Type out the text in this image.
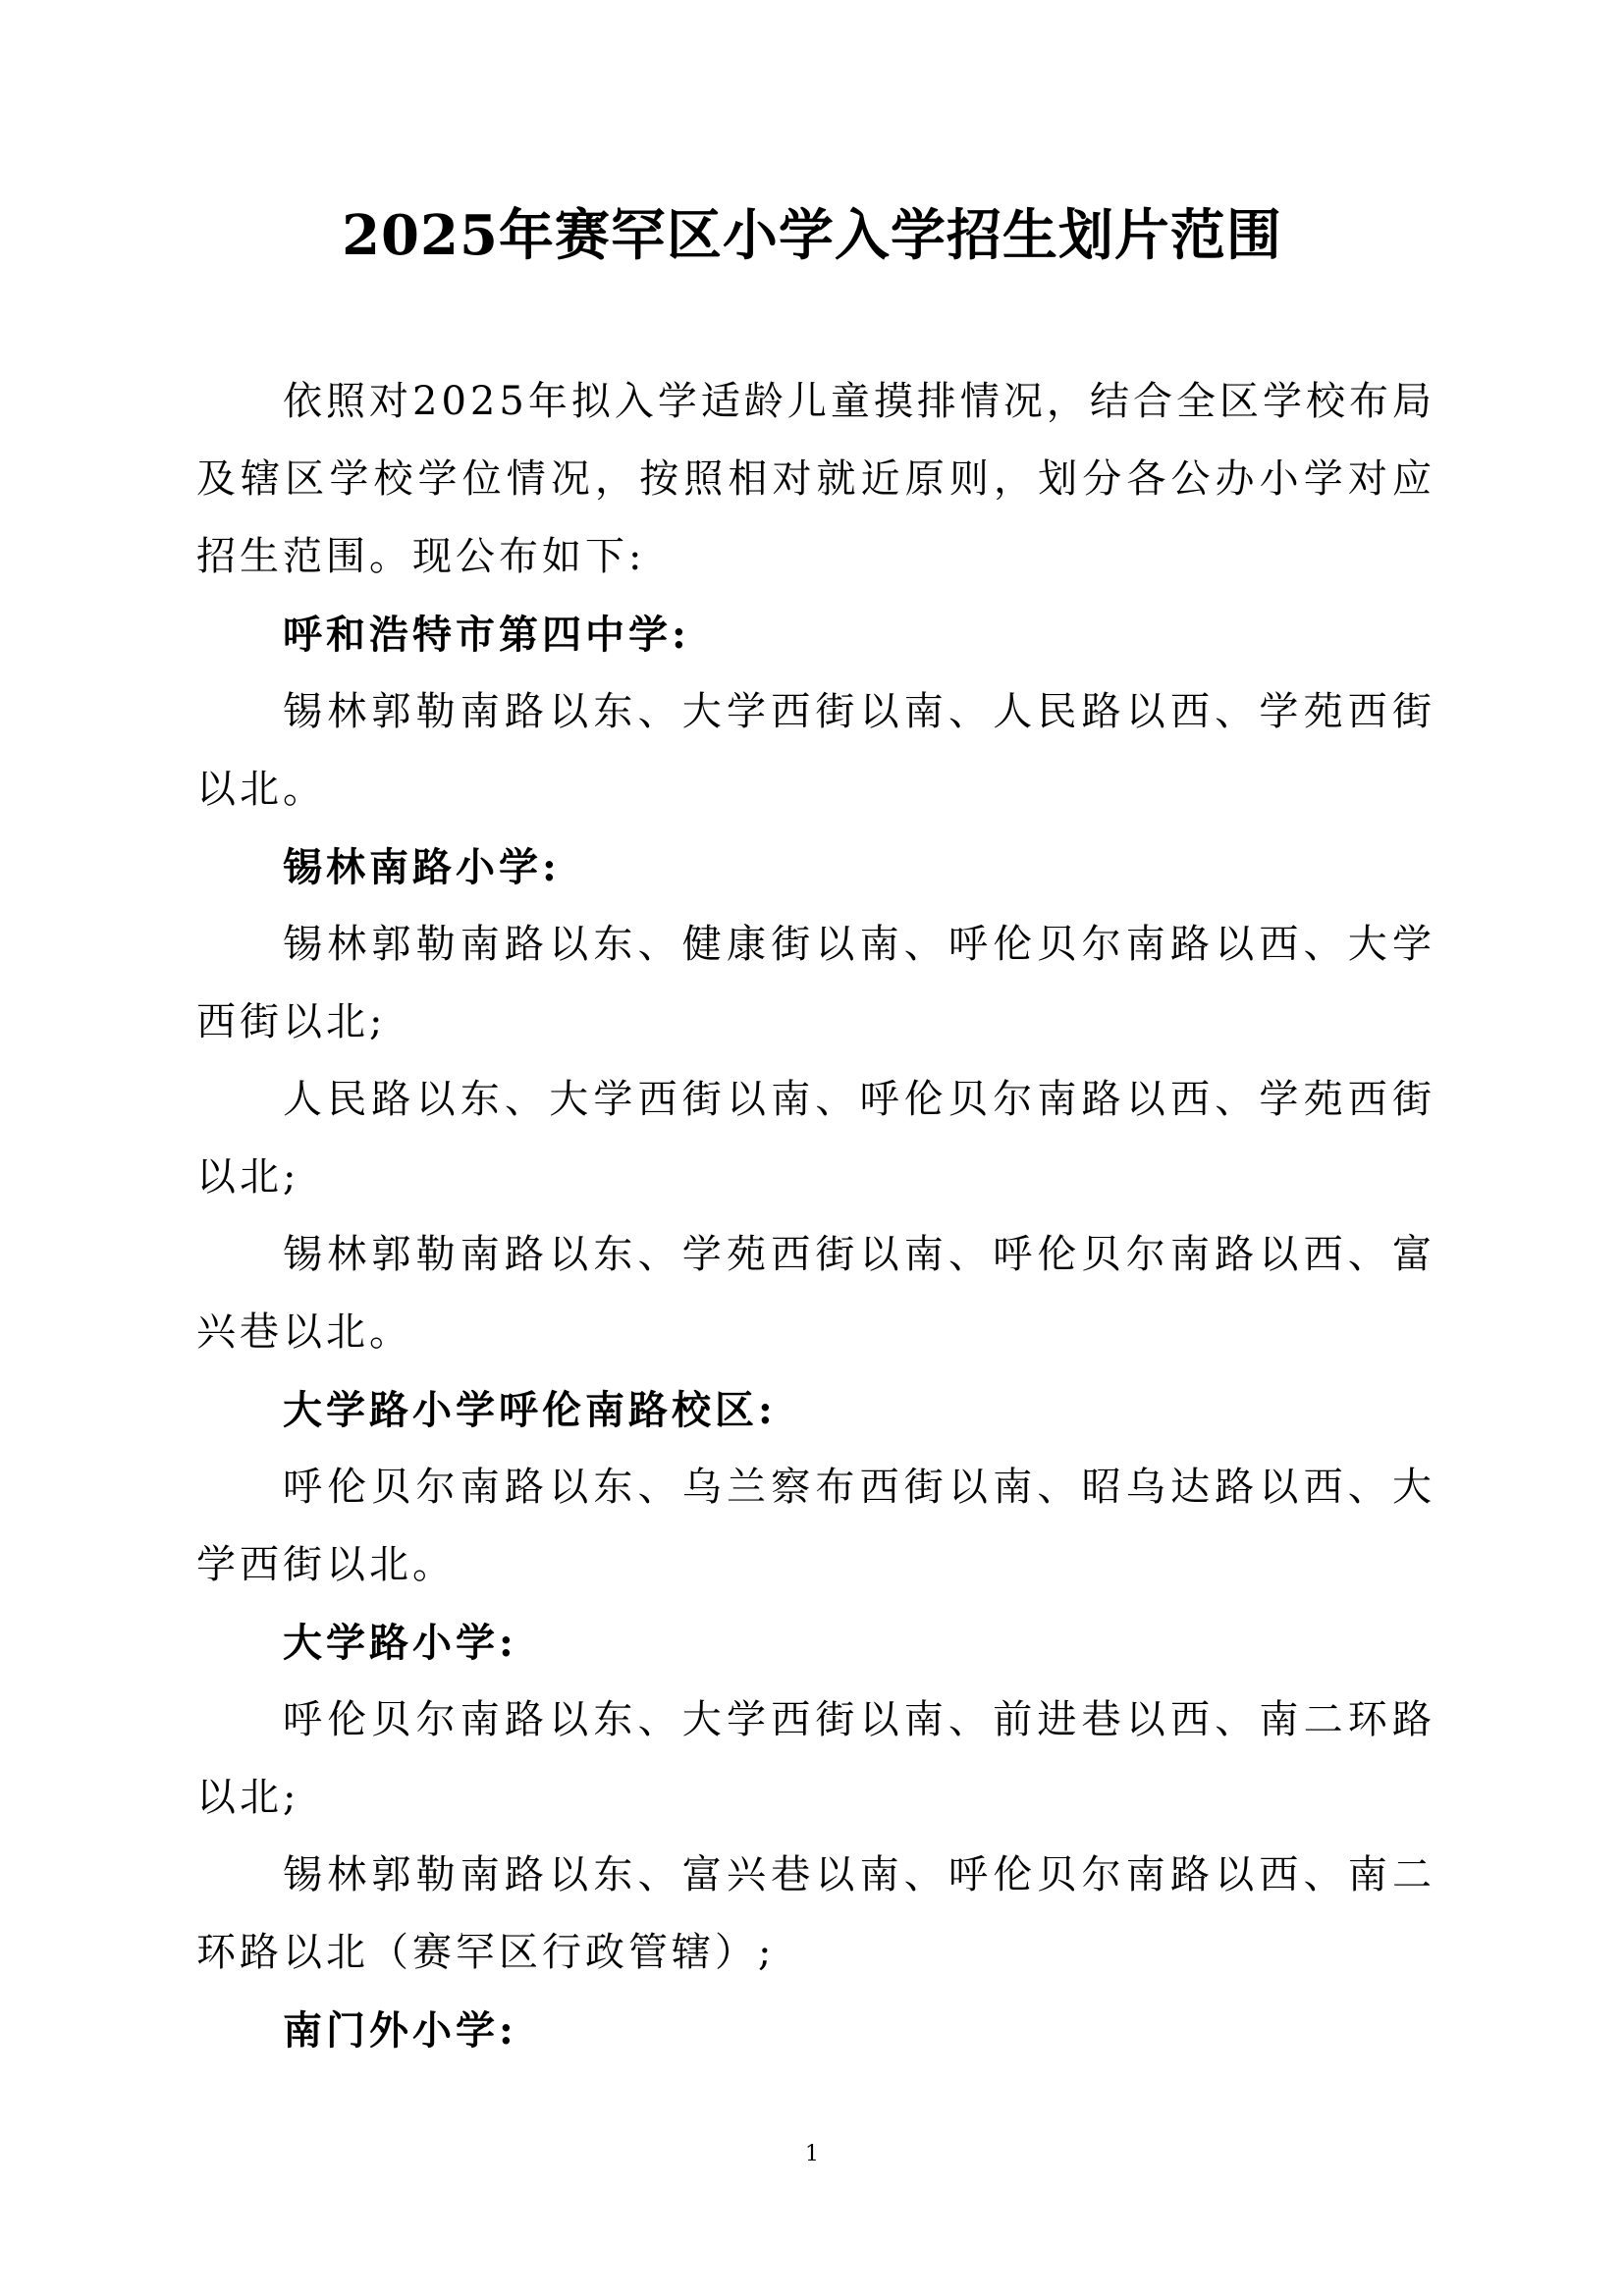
2025年赛罕区小学入学招生划片范围

依照对2025年拟入学适龄儿童摸排情况，结合全区学校布局及辖区学校学位情况，按照相对就近原则，划分各公办小学对应招生范围。现公布如下:

呼和浩特市第四中学:

锡林郭勒南路以东、大学西街以南、人民路以西、学苑西街以北。

锡林南路小学:

锡林郭勒南路以东、健康街以南、呼伦贝尔南路以西、大学西街以北;

人民路以东、大学西街以南、呼伦贝尔南路以西、学苑西街以北;

锡林郭勒南路以东、学苑西街以南、呼伦贝尔南路以西、富兴巷以北。

大学路小学呼伦南路校区:

呼伦贝尔南路以东、乌兰察布西街以南、昭乌达路以西、大学西街以北。

大学路小学:

呼伦贝尔南路以东、大学西街以南、前进巷以西、南二环路以北;

锡林郭勒南路以东、富兴巷以南、呼伦贝尔南路以西、南二环路以北（赛罕区行政管辖）;

南门外小学:

1
